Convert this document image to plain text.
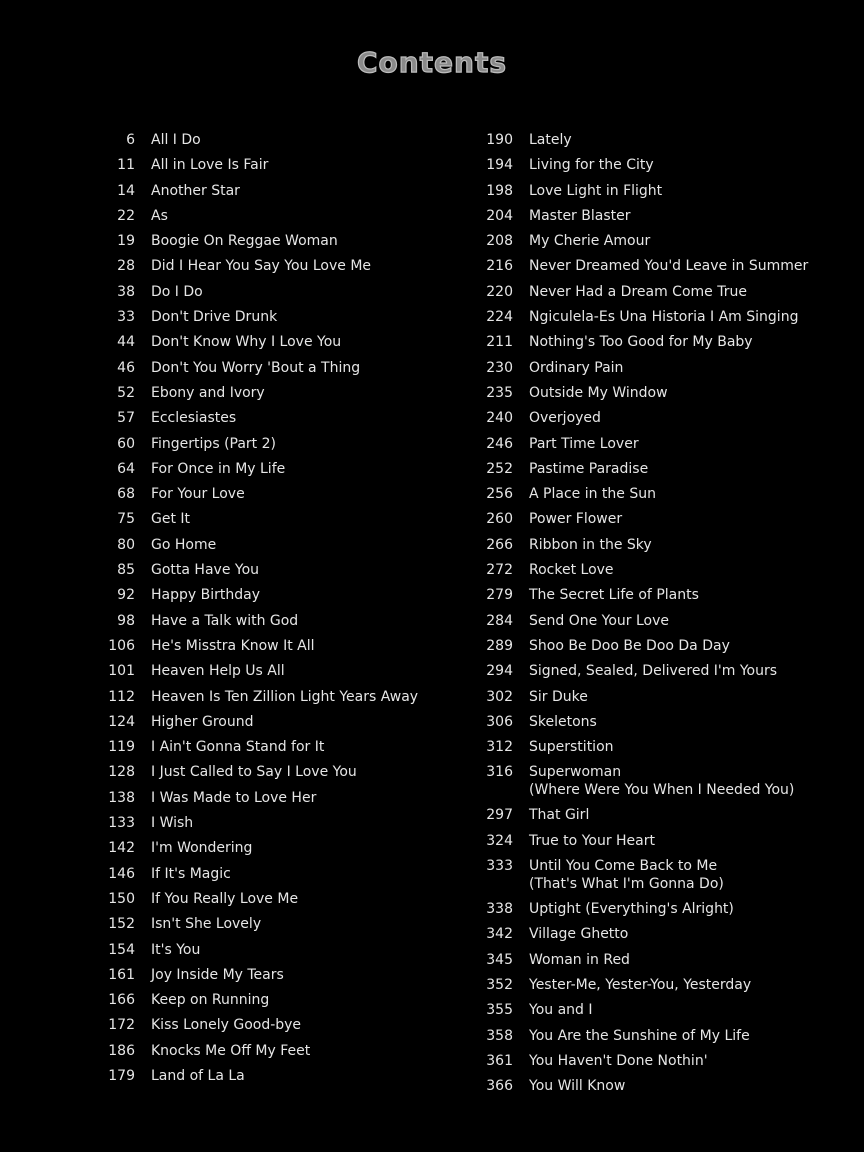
Contents
6	All I Do
11	All in Love Is Fair
14	Another Star
22	As
19	Boogie On Reggae Woman
28	Did I Hear You Say You Love Me
38	Do I Do
33	Don't Drive Drunk
44	Don't Know Why I Love You
46	Don't You Worry 'Bout a Thing
52	Ebony and Ivory
57	Ecclesiastes
60	Fingertips (Part 2)
64	For Once in My Life
68	For Your Love
75	Get It
80	Go Home
85	Gotta Have You
92	Happy Birthday
98	Have a Talk with God
106	He's Misstra Know It All
101	Heaven Help Us All
112	Heaven Is Ten Zillion Light Years Away
124	Higher Ground
119	I Ain't Gonna Stand for It
128	I Just Called to Say I Love You
138	I Was Made to Love Her
133	I Wish
142	I'm Wondering
146	If It's Magic
150	If You Really Love Me
152	Isn't She Lovely
154	It's You
161	Joy Inside My Tears
166	Keep on Running
172	Kiss Lonely Good-bye
186	Knocks Me Off My Feet
179	Land of La La
190	Lately
194	Living for the City
198	Love Light in Flight
204	Master Blaster
208	My Cherie Amour
216	Never Dreamed You'd Leave in Summer
220	Never Had a Dream Come True
224	Ngiculela-Es Una Historia I Am Singing
211	Nothing's Too Good for My Baby
230	Ordinary Pain
235	Outside My Window
240	Overjoyed
246	Part Time Lover
252	Pastime Paradise
256	A Place in the Sun
260	Power Flower
266	Ribbon in the Sky
272	Rocket Love
279	The Secret Life of Plants
284	Send One Your Love
289	Shoo Be Doo Be Doo Da Day
294	Signed, Sealed, Delivered I'm Yours
302	Sir Duke
306	Skeletons
312	Superstition
316	Superwoman
(Where Were You When I Needed You)
297	That Girl
324	True to Your Heart
333	Until You Come Back to Me
(That's What I'm Gonna Do)
338	Uptight (Everything's Alright)
342	Village Ghetto
345	Woman in Red
352	Yester-Me, Yester-You, Yesterday
355	You and I
358	You Are the Sunshine of My Life
361	You Haven't Done Nothin'
366	You Will Know
